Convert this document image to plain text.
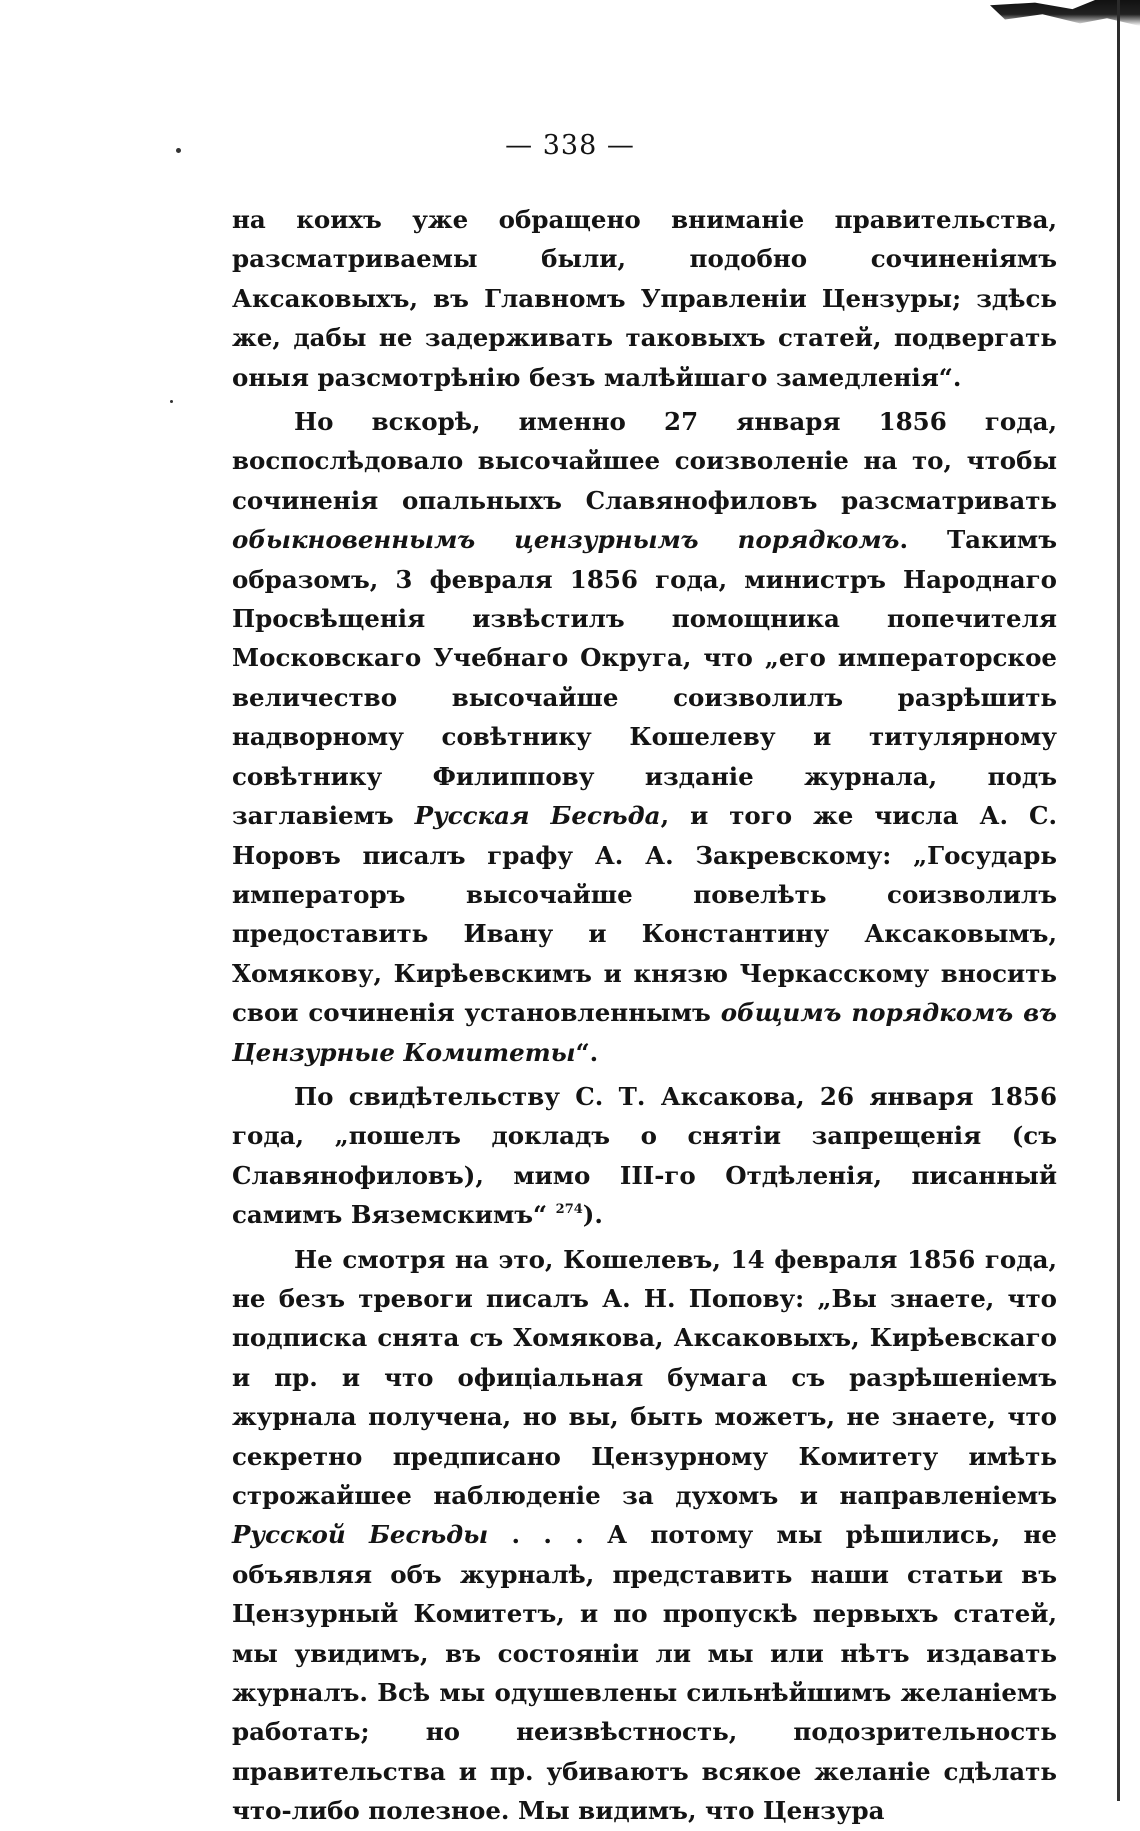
— 338 —

на коихъ уже обращено вниманіе правительства, разсматриваемы были, подобно сочиненіямъ Аксаковыхъ, въ Главномъ Управленіи Цензуры; здѣсь же, дабы не задерживать таковыхъ статей, подвергать оныя разсмотрѣнію безъ малѣйшаго замедленія“.

Но вскорѣ, именно 27 января 1856 года, воспослѣдовало высочайшее соизволеніе на то, чтобы сочиненія опальныхъ Славянофиловъ разсматривать обыкновеннымъ цензурнымъ порядкомъ. Такимъ образомъ, 3 февраля 1856 года, министръ Народнаго Просвѣщенія извѣстилъ помощника попечителя Московскаго Учебнаго Округа, что „его императорское величество высочайше соизволилъ разрѣшить надворному совѣтнику Кошелеву и титулярному совѣтнику Филиппову изданіе журнала, подъ заглавіемъ Русская Бесѣда, и того же числа А. С. Норовъ писалъ графу А. А. Закревскому: „Государь императоръ высочайше повелѣть соизволилъ предоставить Ивану и Константину Аксаковымъ, Хомякову, Кирѣевскимъ и князю Черкасскому вносить свои сочиненія установленнымъ общимъ порядкомъ въ Цензурные Комитеты“.

По свидѣтельству С. Т. Аксакова, 26 января 1856 года, „пошелъ докладъ о снятіи запрещенія (съ Славянофиловъ), мимо III-го Отдѣленія, писанный самимъ Вяземскимъ“ $^{274}$).

Не смотря на это, Кошелевъ, 14 февраля 1856 года, не безъ тревоги писалъ А. Н. Попову: „Вы знаете, что подписка снята съ Хомякова, Аксаковыхъ, Кирѣевскаго и пр. и что офиціальная бумага съ разрѣшеніемъ журнала получена, но вы, быть можетъ, не знаете, что секретно предписано Цензурному Комитету имѣть строжайшее наблюденіе за духомъ и направленіемъ Русской Бесѣды . . . А потому мы рѣшились, не объявляя объ журналѣ, представить наши статьи въ Цензурный Комитетъ, и по пропускѣ первыхъ статей, мы увидимъ, въ состояніи ли мы или нѣтъ издавать журналъ. Всѣ мы одушевлены сильнѣйшимъ желаніемъ работать; но неизвѣстность, подозрительность правительства и пр. убиваютъ всякое желаніе сдѣлать что-либо полезное. Мы видимъ, что Цензура
